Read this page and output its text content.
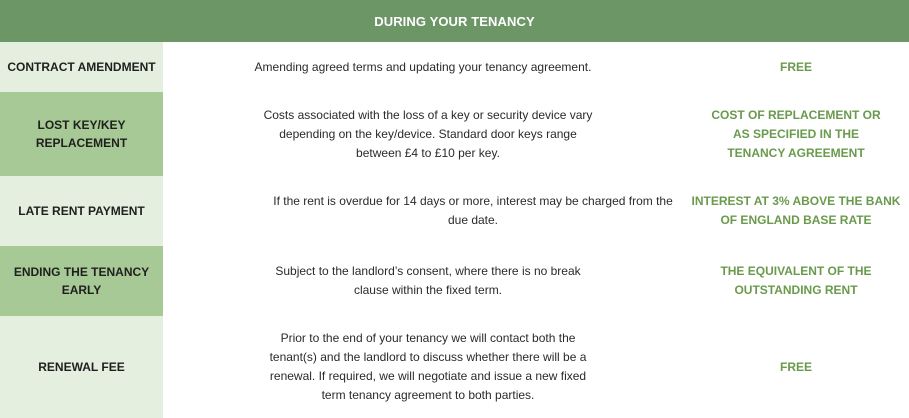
DURING YOUR TENANCY
CONTRACT AMENDMENT	Amending agreed terms and updating your tenancy agreement.	FREE
LOST KEY/KEY REPLACEMENT
Costs associated with the loss of a key or security device vary depending on the key/device. Standard door keys range between £4 to £10 per key.
COST OF REPLACEMENT OR AS SPECIFIED IN THE TENANCY AGREEMENT
LATE RENT PAYMENT
If the rent is overdue for 14 days or more, interest may be charged from the due date.
INTEREST AT 3% ABOVE THE BANK OF ENGLAND BASE RATE
ENDING THE TENANCY EARLY
Subject to the landlord’s consent, where there is no break clause within the fixed term.
THE EQUIVALENT OF THE OUTSTANDING RENT
RENEWAL FEE
Prior to the end of your tenancy we will contact both the tenant(s) and the landlord to discuss whether there will be a renewal. If required, we will negotiate and issue a new fixed term tenancy agreement to both parties.
FREE
